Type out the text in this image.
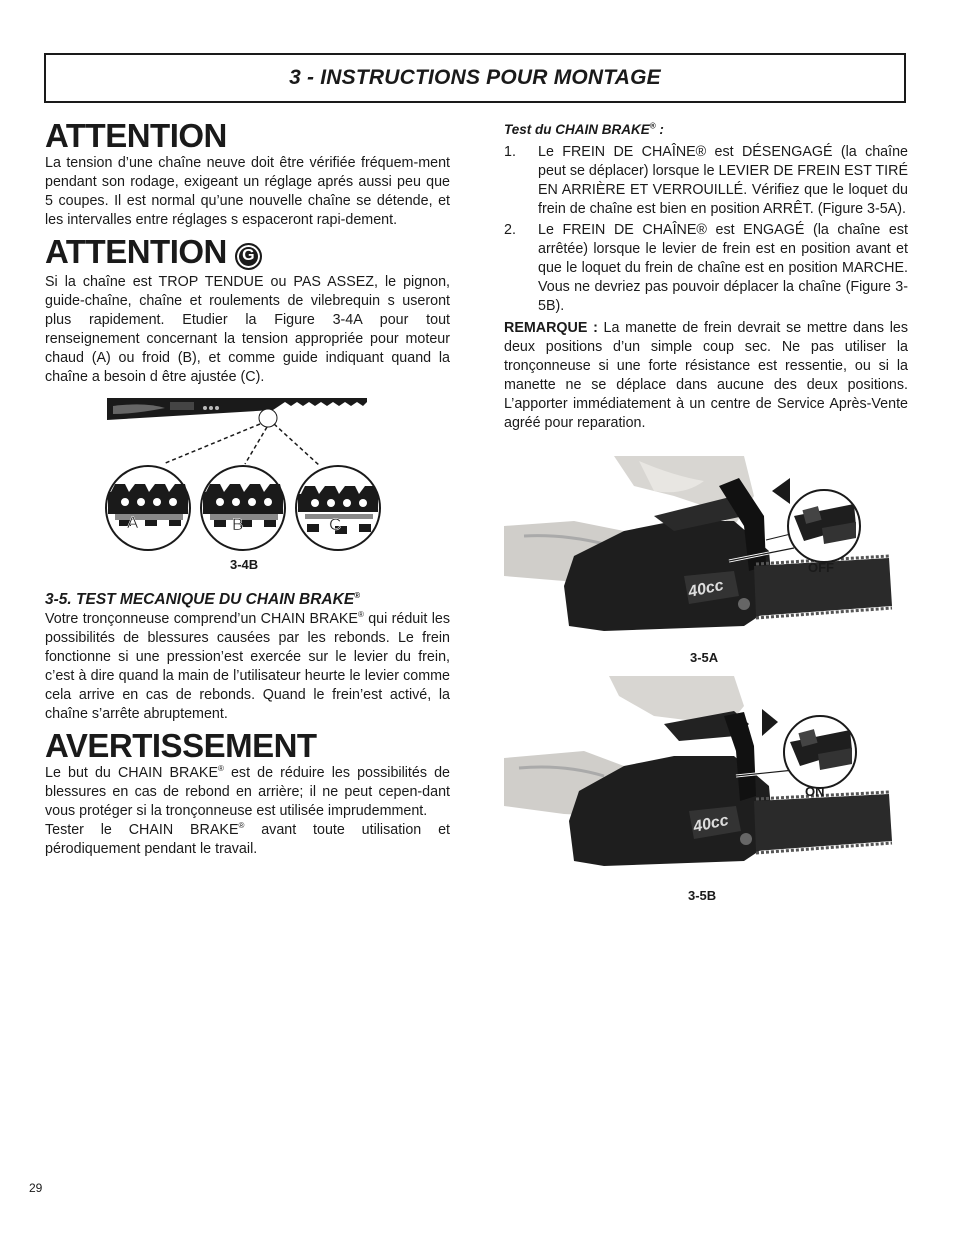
3 - INSTRUCTIONS POUR MONTAGE
ATTENTION

La tension d’une chaîne neuve doit être vérifiée fréquem-ment pendant son rodage, exigeant un réglage aprés aussi peu que 5 coupes. Il est normal qu’une nouvelle chaîne se détende, et les intervalles entre réglages s espaceront rapi-dement.

ATTENTION G

Si la chaîne est TROP TENDUE ou PAS ASSEZ, le pignon, guide-chaîne, chaîne et roulements de vilebrequin s useront plus rapidement. Etudier la Figure 3-4A pour tout renseignement concernant la tension appropriée pour moteur chaud (A) ou froid (B), et comme guide indiquant quand la chaîne a besoin d être ajustée (C).

A	B	C
3-4B

3-5. TEST MECANIQUE DU CHAIN BRAKE®

Votre tronçonneuse comprend’un CHAIN BRAKE® qui réduit les possibilités de blessures causées par les rebonds. Le frein fonctionne si une pression’est exercée sur le levier du frein, c’est à dire quand la main de l’utilisateur heurte le levier comme cela arrive en cas de rebonds. Quand le frein’est activé, la chaîne s’arrête abruptement.

AVERTISSEMENT

Le but du CHAIN BRAKE® est de réduire les possibilités de blessures en cas de rebond en arrière; il ne peut cepen-dant vous protéger si la tronçonneuse est utilisée imprudemment.

Tester le CHAIN BRAKE® avant toute utilisation et pérodiquement pendant le travail.

Test du CHAIN BRAKE® :

1.	Le FREIN DE CHAÎNE® est DÉSENGAGÉ (la chaîne peut se déplacer) lorsque le LEVIER DE FREIN EST TIRÉ EN ARRIÈRE ET VERROUILLÉ. Vérifiez que le loquet du frein de chaîne est bien en position ARRÊT. (Figure 3-5A).
2.	Le FREIN DE CHAÎNE® est ENGAGÉ (la chaîne est arrêtée) lorsque le levier de frein est en position avant et que le loquet du frein de chaîne est en position MARCHE. Vous ne devriez pas pouvoir déplacer la chaîne (Figure 3-5B).

REMARQUE : La manette de frein devrait se mettre dans les deux positions d’un simple coup sec. Ne pas utiliser la tronçonneuse si une forte résistance est ressentie, ou si la manette ne se déplace dans aucune des deux positions. L’apporter immédiatement à un centre de Service Après-Vente agréé pour reparation.

40cc
OFF
3-5A
40cc
ON
3-5B
29
